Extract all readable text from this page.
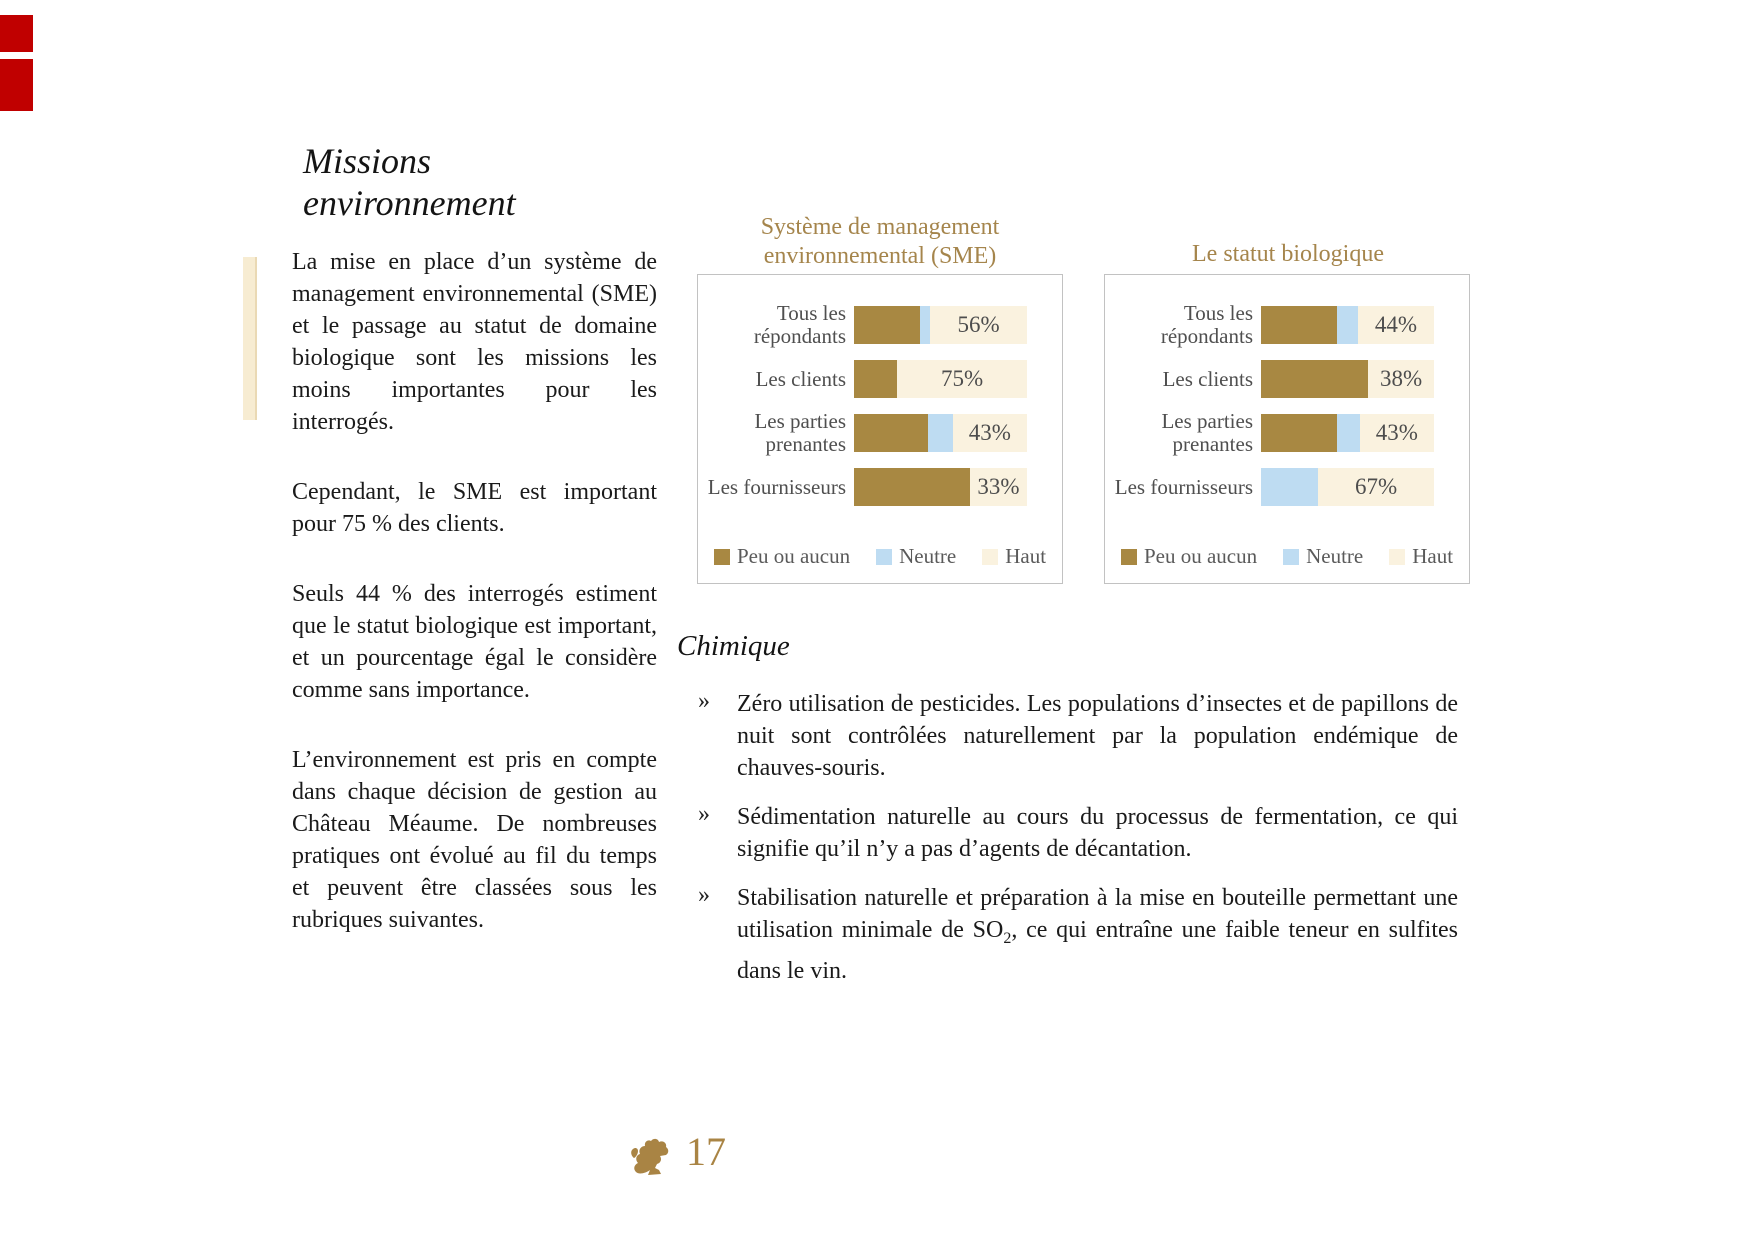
Missions
environnement

La mise en place d’un système de management environnemental (SME) et le passage au statut de domaine biologique sont les missions les moins importantes pour les interrogés.

Cependant, le SME est important pour 75 % des clients.

Seuls 44 % des interrogés estiment que le statut biologique est important, et un pourcentage égal le considère comme sans importance.

L’environnement est pris en compte dans chaque décision de gestion au Château Méaume. De nombreuses pratiques ont évolué au fil du temps et peuvent être classées sous les rubriques suivantes.

Système de management
environnemental (SME)
Tous les répondants	56%
Les clients	75%
Les parties prenantes	43%
Les fournisseurs	33%
Peu ou aucun Neutre Haut
Le statut biologique
Tous les répondants	44%
Les clients	38%
Les parties prenantes	43%
Les fournisseurs	67%
Peu ou aucun Neutre Haut
Chimique
»	Zéro utilisation de pesticides. Les populations d’insectes et de papillons de nuit sont contrôlées naturellement par la population endémique de chauves-souris.
»	Sédimentation naturelle au cours du processus de fermentation, ce qui signifie qu’il n’y a pas d’agents de décantation.
»	Stabilisation naturelle et préparation à la mise en bouteille permettant une utilisation minimale de $SO_2$, ce qui entraîne une faible teneur en sulfites dans le vin.
17
